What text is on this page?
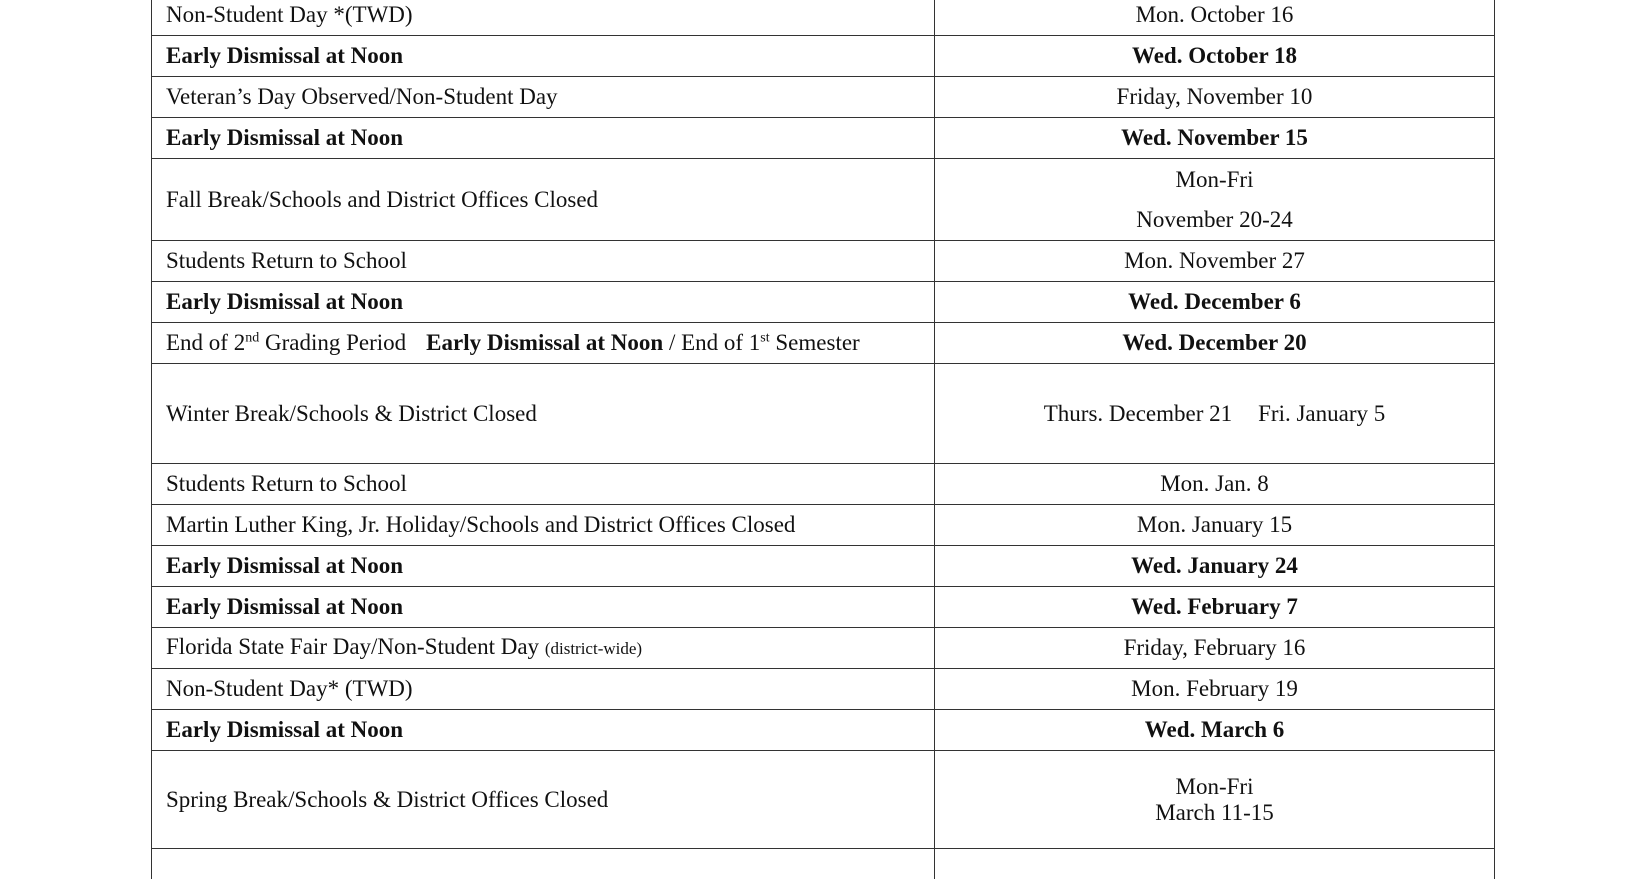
Non-Student Day *(TWD)	Mon. October 16
Early Dismissal at Noon	Wed. October 18
Veteran’s Day Observed/Non-Student Day	Friday, November 10
Early Dismissal at Noon	Wed. November 15
Fall Break/Schools and District Offices Closed	Mon-Fri
November 20-24

Students Return to School	Mon. November 27
Early Dismissal at Noon	Wed. December 6
End of 2nd Grading Period Early Dismissal at Noon / End of 1st Semester	Wed. December 20
Winter Break/Schools & District Closed	Thurs. December 21 Fri. January 5
Students Return to School	Mon. Jan. 8
Martin Luther King, Jr. Holiday/Schools and District Offices Closed	Mon. January 15
Early Dismissal at Noon	Wed. January 24
Early Dismissal at Noon	Wed. February 7
Florida State Fair Day/Non-Student Day (district-wide)	Friday, February 16
Non-Student Day* (TWD)	Mon. February 19
Early Dismissal at Noon	Wed. March 6
Spring Break/Schools & District Offices Closed	Mon-Fri
March 11-15
